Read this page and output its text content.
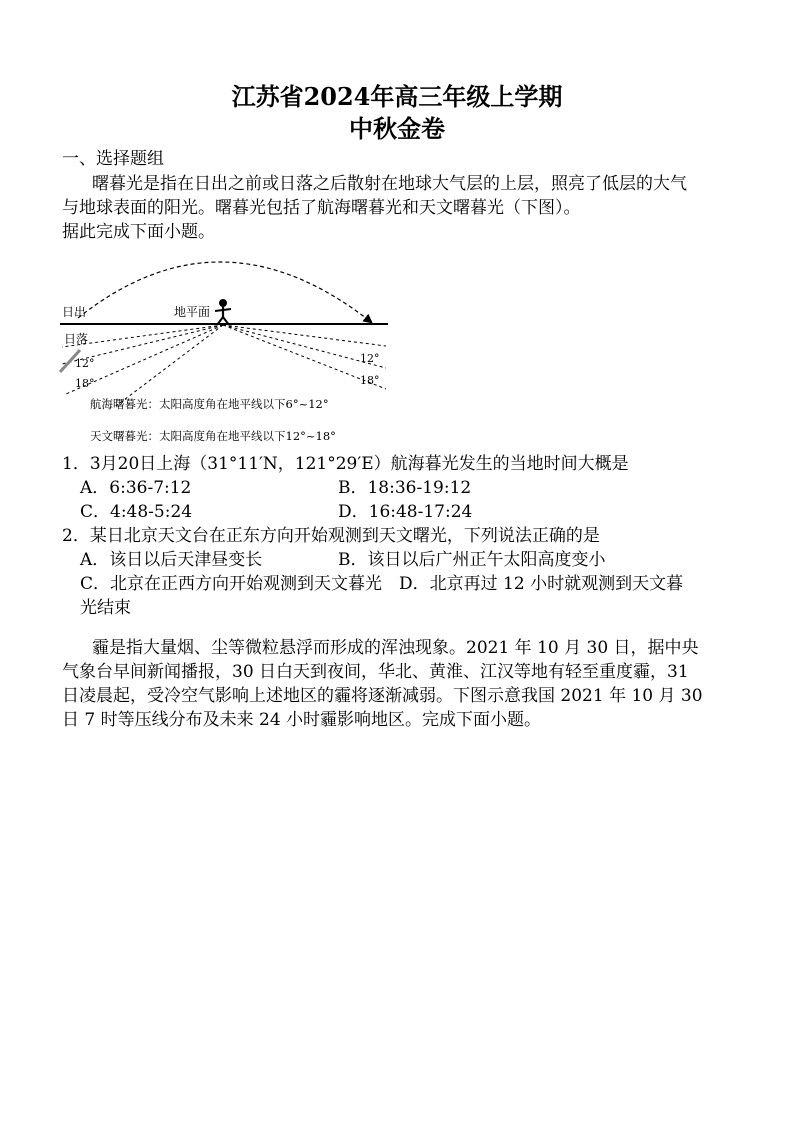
江苏省2024年高三年级上学期
中秋金卷
一、选择题组
曙暮光是指在日出之前或日落之后散射在地球大气层的上层，照亮了低层的大气
与地球表面的阳光。曙暮光包括了航海曙暮光和天文曙暮光（下图）。
据此完成下面小题。
日出	地平面
日落
12°
18°
12°
18°
航海曙暮光：太阳高度角在地平线以下6°~12°
天文曙暮光：太阳高度角在地平线以下12°~18°
1．3月20日上海（31°11′N，121°29′E）航海暮光发生的当地时间大概是
A．6:36-7:12	B．18:36-19:12
C．4:48-5:24	D．16:48-17:24
2．某日北京天文台在正东方向开始观测到天文曙光，下列说法正确的是
A．该日以后天津昼变长	B．该日以后广州正午太阳高度变小
C．北京在正西方向开始观测到天文暮光　D．北京再过 12 小时就观测到天文暮
光结束
霾是指大量烟、尘等微粒悬浮而形成的浑浊现象。2021 年 10 月 30 日，据中央
气象台早间新闻播报，30 日白天到夜间，华北、黄淮、江汉等地有轻至重度霾，31
日凌晨起，受冷空气影响上述地区的霾将逐渐减弱。下图示意我国 2021 年 10 月 30
日 7 时等压线分布及未来 24 小时霾影响地区。完成下面小题。
